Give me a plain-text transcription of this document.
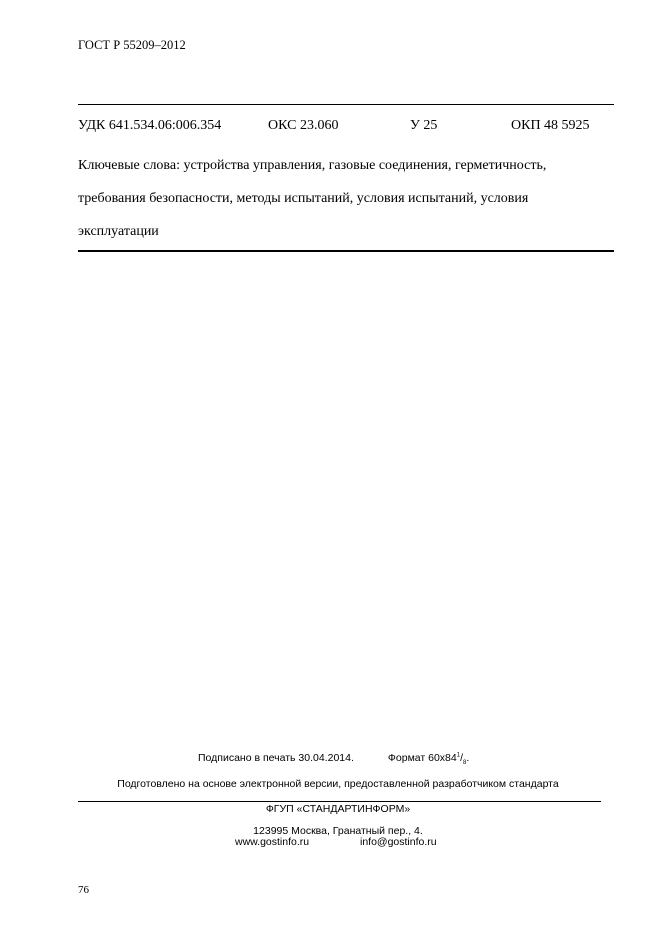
ГОСТ Р 55209–2012
УДК 641.534.06:006.354	ОКС 23.060	У 25	ОКП 48 5925
Ключевые слова: устройства управления, газовые соединения, герметичность,
требования безопасности, методы испытаний, условия испытаний, условия
эксплуатации
Подписано в печать 30.04.2014.	Формат $60х84^1/_8$.
Подготовлено на основе электронной версии, предоставленной разработчиком стандарта
ФГУП «СТАНДАРТИНФОРМ»
123995 Москва, Гранатный пер., 4.
www.gostinfo.ru	info@gostinfo.ru
76
